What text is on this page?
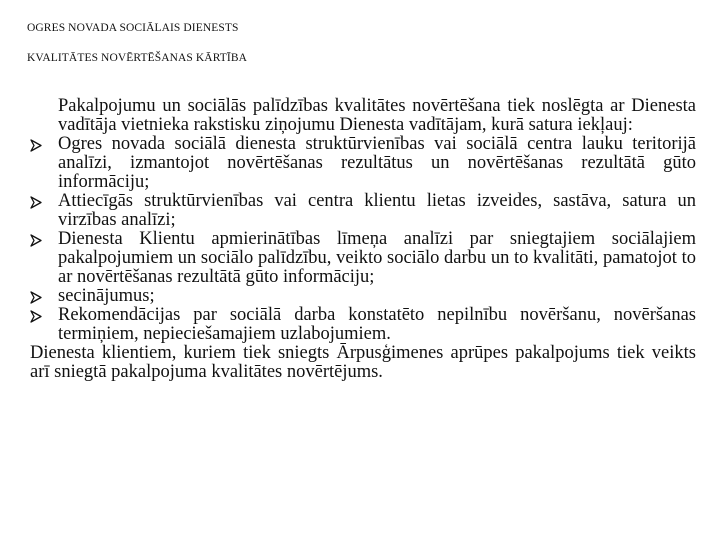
OGRES NOVADA SOCIĀLAIS DIENESTS
KVALITĀTES NOVĒRTĒŠANAS KĀRTĪBA

Pakalpojumu un sociālās palīdzības kvalitātes novērtēšana tiek noslēgta ar Dienesta vadītāja vietnieka rakstisku ziņojumu Dienesta vadītājam, kurā satura iekļauj:

Ogres novada sociālā dienesta struktūrvienības vai sociālā centra lauku teritorijā analīzi, izmantojot novērtēšanas rezultātus un novērtēšanas rezultātā gūto informāciju;
Attiecīgās struktūrvienības vai centra klientu lietas izveides, sastāva, satura un virzības analīzi;
Dienesta Klientu apmierinātības līmeņa analīzi par sniegtajiem sociālajiem pakalpojumiem un sociālo palīdzību, veikto sociālo darbu un to kvalitāti, pamatojot to ar novērtēšanas rezultātā gūto informāciju;
secinājumus;
Rekomendācijas par sociālā darba konstatēto nepilnību novēršanu, novēršanas termiņiem, nepieciešamajiem uzlabojumiem.

Dienesta klientiem, kuriem tiek sniegts Ārpusģimenes aprūpes pakalpojums tiek veikts arī sniegtā pakalpojuma kvalitātes novērtējums.
